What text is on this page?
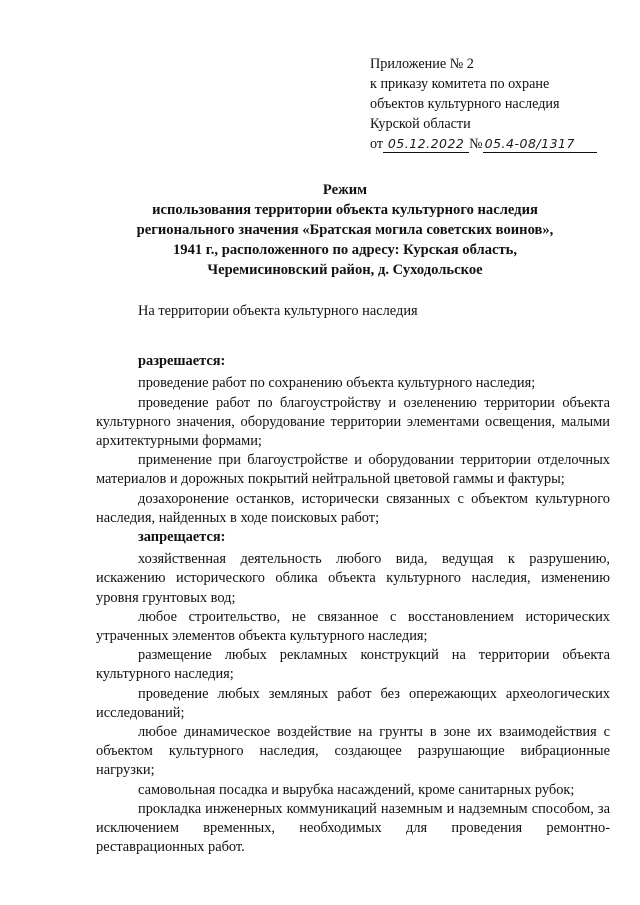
Приложение № 2
к приказу комитета по охране
объектов культурного наследия
Курской области
от 05.12.2022 № 05.4-08/1317
Режим
использования территории объекта культурного наследия
регионального значения «Братская могила советских воинов»,
1941 г., расположенного по адресу: Курская область,
Черемисиновский район, д. Суходольское

На территории объекта культурного наследия

разрешается:

проведение работ по сохранению объекта культурного наследия;

проведение работ по благоустройству и озеленению территории объекта культурного значения, оборудование территории элементами освещения, малыми архитектурными формами;

применение при благоустройстве и оборудовании территории отделочных материалов и дорожных покрытий нейтральной цветовой гаммы и фактуры;

дозахоронение останков, исторически связанных с объектом культурного наследия, найденных в ходе поисковых работ;

запрещается:

хозяйственная деятельность любого вида, ведущая к разрушению, искажению исторического облика объекта культурного наследия, изменению уровня грунтовых вод;

любое строительство, не связанное с восстановлением исторических утраченных элементов объекта культурного наследия;

размещение любых рекламных конструкций на территории объекта культурного наследия;

проведение любых земляных работ без опережающих археологических исследований;

любое динамическое воздействие на грунты в зоне их взаимодействия с объектом культурного наследия, создающее разрушающие вибрационные нагрузки;

самовольная посадка и вырубка насаждений, кроме санитарных рубок;

прокладка инженерных коммуникаций наземным и надземным способом, за исключением временных, необходимых для проведения ремонтно-реставрационных работ.
